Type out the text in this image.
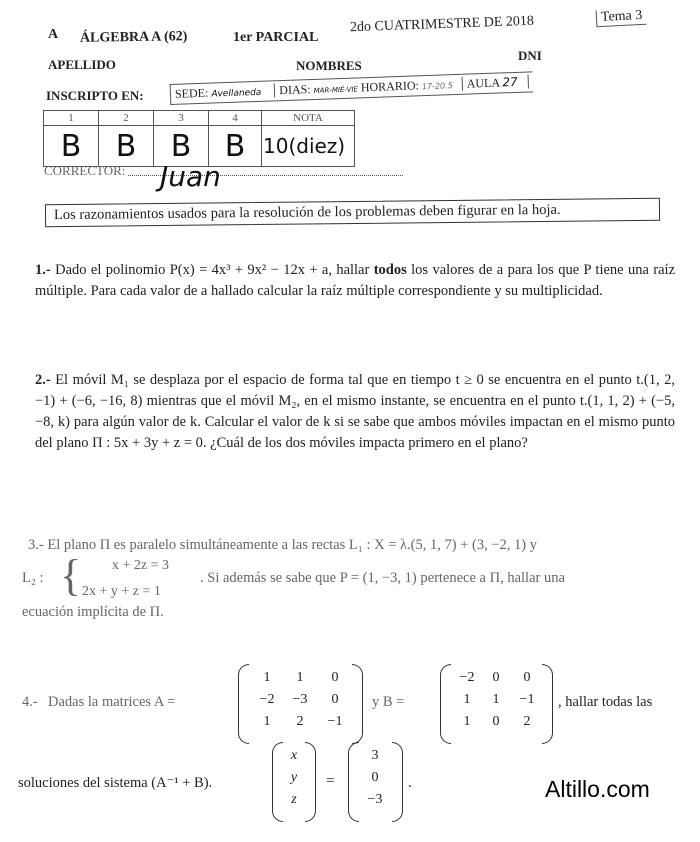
A ÁLGEBRA A (62)	1er PARCIAL
2do CUATRIMESTRE DE 2018	Tema 3
APELLIDO	NOMBRES
DNI
INSCRIPTO EN:	SEDE: Avellaneda DIAS: MAR-MIÉ-VIE HORARIO: 17-20.5 AULA 27
1	2	3	4	NOTA
B	B	B	B	10(diez)
CORRECTOR: Juan
Los razonamientos usados para la resolución de los problemas deben figurar en la hoja.
1.- Dado el polinomio P(x) = 4x³ + 9x² − 12x + a, hallar todos los valores de a para los que P tiene una raíz múltiple. Para cada valor de a hallado calcular la raíz múltiple correspondiente y su multiplicidad.
2.- El móvil M₁ se desplaza por el espacio de forma tal que en tiempo t ≥ 0 se encuentra en el punto t.(1, 2, −1) + (−6, −16, 8) mientras que el móvil M₂, en el mismo instante, se encuentra en el punto t.(1, 1, 2) + (−5, −8, k) para algún valor de k. Calcular el valor de k si se sabe que ambos móviles impactan en el mismo punto del plano Π : 5x + 3y + z = 0. ¿Cuál de los dos móviles impacta primero en el plano?
3.- El plano Π es paralelo simultáneamente a las rectas L₁ : X = λ.(5, 1, 7) + (3, −2, 1) y
L₂ : { x + 2z = 3
2x + y + z = 1
. Si además se sabe que P = (1, −3, 1) pertenece a Π, hallar una
ecuación implícita de Π.
4.- Dadas la matrices A =
1	1	0
−2	−3	0
1	2	−1
y B =
−2	0	0
1	1	−1
1	0	2
, hallar todas las
soluciones del sistema (A⁻¹ + B).
x
y
z
=
3
0
−3
.	Altillo.com
